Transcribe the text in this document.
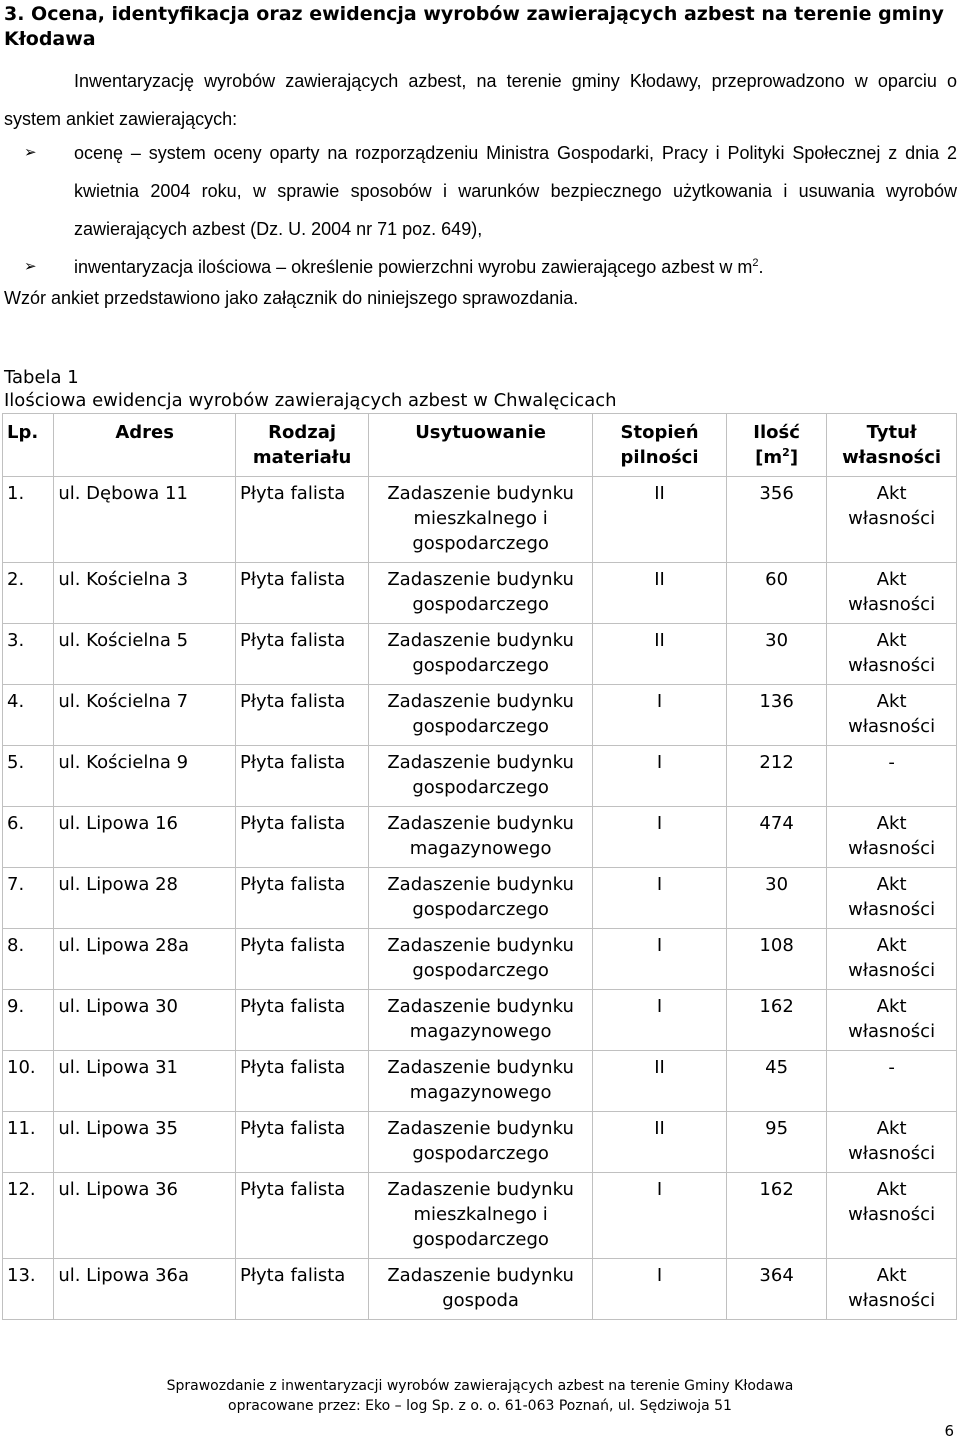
3. Ocena, identyfikacja oraz ewidencja wyrobów zawierających azbest na terenie gminy Kłodawa
Inwentaryzację wyrobów zawierających azbest, na terenie gminy Kłodawy, przeprowadzono w oparciu o system ankiet zawierających:
➢ ocenę – system oceny oparty na rozporządzeniu Ministra Gospodarki, Pracy i Polityki Społecznej z dnia 2 kwietnia 2004 roku, w sprawie sposobów i warunków bezpiecznego użytkowania i usuwania wyrobów zawierających azbest (Dz. U. 2004 nr 71 poz. 649),
➢ inwentaryzacja ilościowa – określenie powierzchni wyrobu zawierającego azbest w $m^2$.
Wzór ankiet przedstawiono jako załącznik do niniejszego sprawozdania.
Tabela 1
Ilościowa ewidencja wyrobów zawierających azbest w Chwalęcicach
Lp.	Adres	Rodzaj materiału	Usytuowanie	Stopień pilności	Ilość $[m^2]$	Tytuł własności
1.	ul. Dębowa 11	Płyta falista	Zadaszenie budynku mieszkalnego i gospodarczego	II	356	Akt własności
2.	ul. Kościelna 3	Płyta falista	Zadaszenie budynku gospodarczego	II	60	Akt własności
3.	ul. Kościelna 5	Płyta falista	Zadaszenie budynku gospodarczego	II	30	Akt własności
4.	ul. Kościelna 7	Płyta falista	Zadaszenie budynku gospodarczego	I	136	Akt własności
5.	ul. Kościelna 9	Płyta falista	Zadaszenie budynku gospodarczego	I	212	-
6.	ul. Lipowa 16	Płyta falista	Zadaszenie budynku magazynowego	I	474	Akt własności
7.	ul. Lipowa 28	Płyta falista	Zadaszenie budynku gospodarczego	I	30	Akt własności
8.	ul. Lipowa 28a	Płyta falista	Zadaszenie budynku gospodarczego	I	108	Akt własności
9.	ul. Lipowa 30	Płyta falista	Zadaszenie budynku magazynowego	I	162	Akt własności
10.	ul. Lipowa 31	Płyta falista	Zadaszenie budynku magazynowego	II	45	-
11.	ul. Lipowa 35	Płyta falista	Zadaszenie budynku gospodarczego	II	95	Akt własności
12.	ul. Lipowa 36	Płyta falista	Zadaszenie budynku mieszkalnego i gospodarczego	I	162	Akt własności
13.	ul. Lipowa 36a	Płyta falista	Zadaszenie budynku gospoda	I	364	Akt własności
Sprawozdanie z inwentaryzacji wyrobów zawierających azbest na terenie Gminy Kłodawa
opracowane przez: Eko – log Sp. z o. o. 61-063 Poznań, ul. Sędziwoja 51
6
